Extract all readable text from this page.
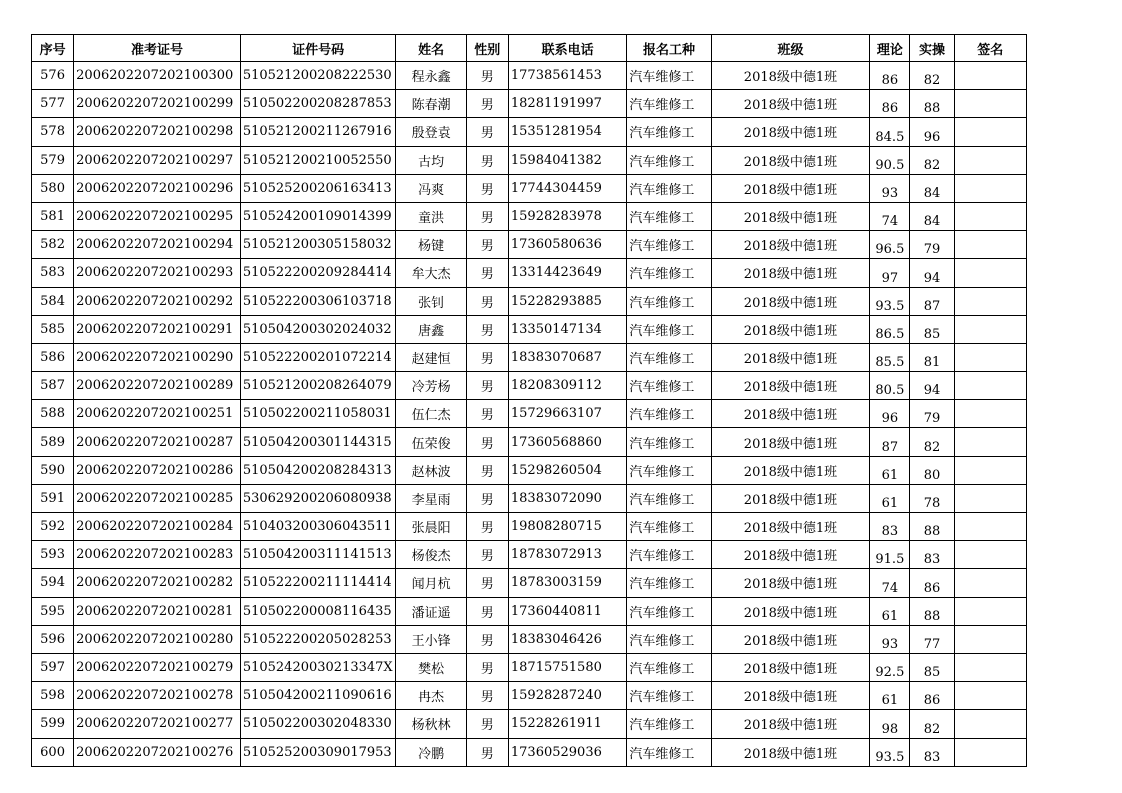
序号	准考证号	证件号码	姓名	性别	联系电话	报名工种	班级	理论	实操	签名
576	2006202207202100300	510521200208222530	程永鑫	男	17738561453	汽车维修工	2018级中德1班	86	82	
577	2006202207202100299	510502200208287853	陈春潮	男	18281191997	汽车维修工	2018级中德1班	86	88	
578	2006202207202100298	510521200211267916	殷登袁	男	15351281954	汽车维修工	2018级中德1班	84.5	96	
579	2006202207202100297	510521200210052550	古均	男	15984041382	汽车维修工	2018级中德1班	90.5	82	
580	2006202207202100296	510525200206163413	冯爽	男	17744304459	汽车维修工	2018级中德1班	93	84	
581	2006202207202100295	510524200109014399	童洪	男	15928283978	汽车维修工	2018级中德1班	74	84	
582	2006202207202100294	510521200305158032	杨键	男	17360580636	汽车维修工	2018级中德1班	96.5	79	
583	2006202207202100293	510522200209284414	牟大杰	男	13314423649	汽车维修工	2018级中德1班	97	94	
584	2006202207202100292	510522200306103718	张钊	男	15228293885	汽车维修工	2018级中德1班	93.5	87	
585	2006202207202100291	510504200302024032	唐鑫	男	13350147134	汽车维修工	2018级中德1班	86.5	85	
586	2006202207202100290	510522200201072214	赵建恒	男	18383070687	汽车维修工	2018级中德1班	85.5	81	
587	2006202207202100289	510521200208264079	冷芳杨	男	18208309112	汽车维修工	2018级中德1班	80.5	94	
588	2006202207202100251	510502200211058031	伍仁杰	男	15729663107	汽车维修工	2018级中德1班	96	79	
589	2006202207202100287	510504200301144315	伍荣俊	男	17360568860	汽车维修工	2018级中德1班	87	82	
590	2006202207202100286	510504200208284313	赵林波	男	15298260504	汽车维修工	2018级中德1班	61	80	
591	2006202207202100285	530629200206080938	李星雨	男	18383072090	汽车维修工	2018级中德1班	61	78	
592	2006202207202100284	510403200306043511	张晨阳	男	19808280715	汽车维修工	2018级中德1班	83	88	
593	2006202207202100283	510504200311141513	杨俊杰	男	18783072913	汽车维修工	2018级中德1班	91.5	83	
594	2006202207202100282	510522200211114414	闻月杭	男	18783003159	汽车维修工	2018级中德1班	74	86	
595	2006202207202100281	510502200008116435	潘证遥	男	17360440811	汽车维修工	2018级中德1班	61	88	
596	2006202207202100280	510522200205028253	王小锋	男	18383046426	汽车维修工	2018级中德1班	93	77	
597	2006202207202100279	51052420030213347X	樊松	男	18715751580	汽车维修工	2018级中德1班	92.5	85	
598	2006202207202100278	510504200211090616	冉杰	男	15928287240	汽车维修工	2018级中德1班	61	86	
599	2006202207202100277	510502200302048330	杨秋林	男	15228261911	汽车维修工	2018级中德1班	98	82	
600	2006202207202100276	510525200309017953	冷鹏	男	17360529036	汽车维修工	2018级中德1班	93.5	83	
